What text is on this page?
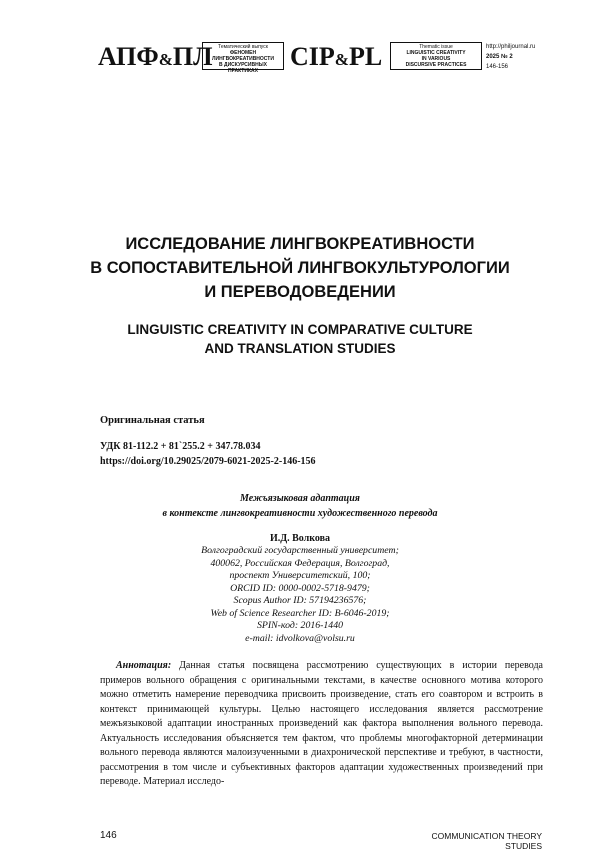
АПФ&ПЛ	Тематический выпуск
ФЕНОМЕН
ЛИНГВОКРЕАТИВНОСТИ
В ДИСКУРСИВНЫХ
ПРАКТИКАХ	CIP&PL	Thematic issue
LINGUISTIC CREATIVITY
IN VARIOUS
DISCURSIVE PRACTICES
http://philjournal.ru
2025 № 2
146-156
ИССЛЕДОВАНИЕ ЛИНГВОКРЕАТИВНОСТИ
В СОПОСТАВИТЕЛЬНОЙ ЛИНГВОКУЛЬТУРОЛОГИИ
И ПЕРЕВОДОВЕДЕНИИ
LINGUISTIC CREATIVITY IN COMPARATIVE CULTURE
AND TRANSLATION STUDIES
Оригинальная статья
УДК 81-112.2 + 81`255.2 + 347.78.034
https://doi.org/10.29025/2079-6021-2025-2-146-156
Межъязыковая адаптация
в контексте лингвокреативности художественного перевода
И.Д. Волкова
Волгоградский государственный университет;
400062, Российская Федерация, Волгоград,
проспект Университетский, 100;
ORCID ID: 0000-0002-5718-9479;
Scopus Author ID: 57194236576;
Web of Science Researcher ID: B-6046-2019;
SPIN-код: 2016-1440
e-mail: idvolkova@volsu.ru

Аннотация: Данная статья посвящена рассмотрению существующих в истории перевода примеров вольного обращения с оригинальными текстами, в качестве основного мотива которого можно отметить намерение переводчика присвоить произведение, стать его соавтором и встроить в контекст принимающей культуры. Целью настоящего исследования является рассмотрение межъязыковой адаптации иностранных произведений как фактора выполнения вольного перевода. Актуальность исследования объясняется тем фактом, что проблемы многофакторной детерминации вольного перевода являются малоизученными в диахронической перспективе и требуют, в частности, рассмотрения в том числе и субъективных факторов адаптации художественных произведений при переводе. Материал исследо-

146	COMMUNICATION THEORY STUDIES
